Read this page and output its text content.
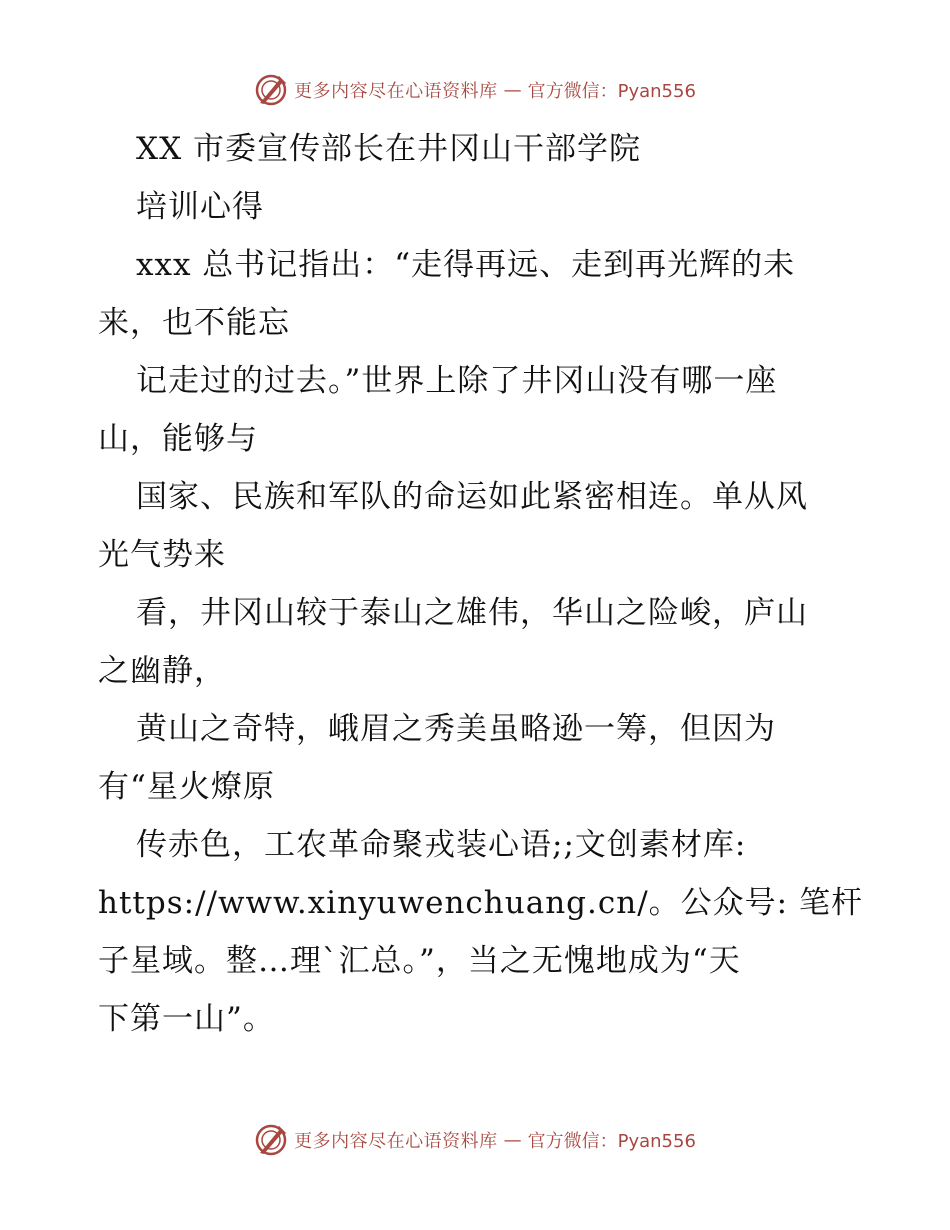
更多内容尽在心语资料库 — 官方微信：Pyan556
XX 市委宣传部长在井冈山干部学院
培训心得
xxx 总书记指出：“走得再远、走到再光辉的未
来，也不能忘
记走过的过去。”世界上除了井冈山没有哪一座
山，能够与
国家、民族和军队的命运如此紧密相连。单从风
光气势来
看，井冈山较于泰山之雄伟，华山之险峻，庐山
之幽静，
黄山之奇特，峨眉之秀美虽略逊一筹，但因为
有“星火燎原
传赤色，工农革命聚戎装心语;;文创素材库:
https://www.xinyuwenchuang.cn/。公众号: 笔杆
子星域。整…理`汇总。”，当之无愧地成为“天
下第一山”。
更多内容尽在心语资料库 — 官方微信：Pyan556
